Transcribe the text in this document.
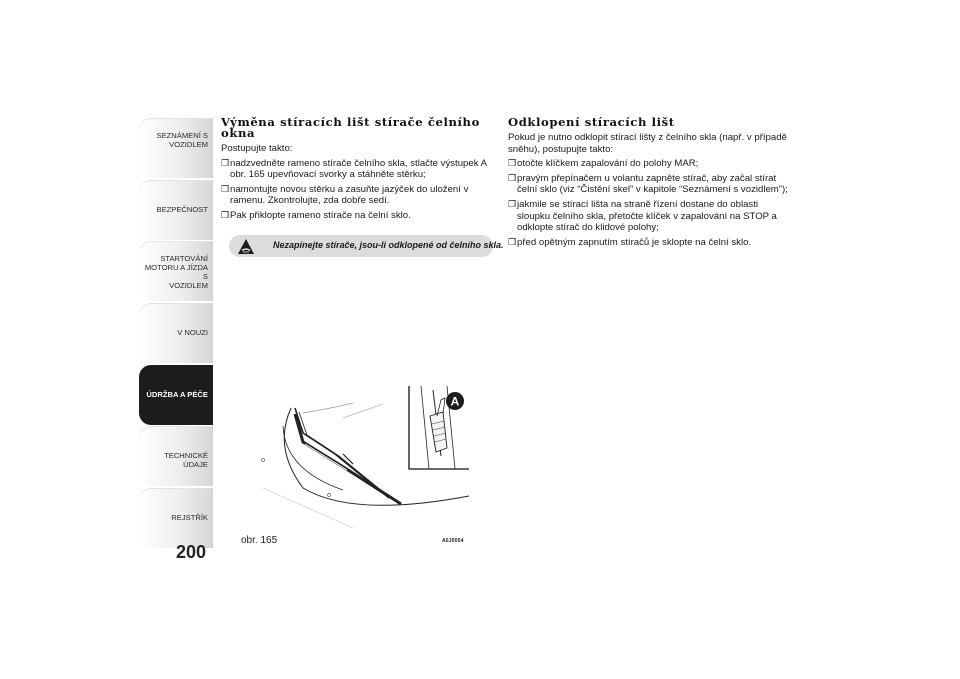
SEZNÁMENÍ S
VOZIDLEM
BEZPEČNOST
STARTOVÁNÍ
MOTORU A JÍZDA S
VOZIDLEM
V NOUZI
ÚDRŽBA A PÉČE
TECHNICKÉ ÚDAJE
REJSTŘÍK
200
Výměna stíracích lišt stírače čelního
okna

Postupujte takto:

❒ nadzvedněte rameno stírače čelního skla, stlačte výstupek A obr. 165 upevňovací svorky a stáhněte stěrku;
❒ namontujte novou stěrku a zasuňte jazýček do uložení v ramenu. Zkontrolujte, zda dobře sedí.
❒ Pak přiklopte rameno stírače na čelní sklo.
Nezapínejte stírače, jsou-li odklopené od čelního skla.
A
obr. 165	A0J0054
Odklopení stíracích lišt

Pokud je nutno odklopit stírací lišty z čelního skla (např. v případě sněhu), postupujte takto:

❒ otočte klíčkem zapalování do polohy MAR;
❒ pravým přepínačem u volantu zapněte stírač, aby začal stírat čelní sklo (viz “Čistění skel” v kapitole “Seznámení s vozidlem”);
❒ jakmile se stírací lišta na straně řízení dostane do oblasti sloupku čelního skla, přetočte klíček v zapalování na STOP a odklopte stírač do klidové polohy;
❒ před opětným zapnutím stíračů je sklopte na čelní sklo.
